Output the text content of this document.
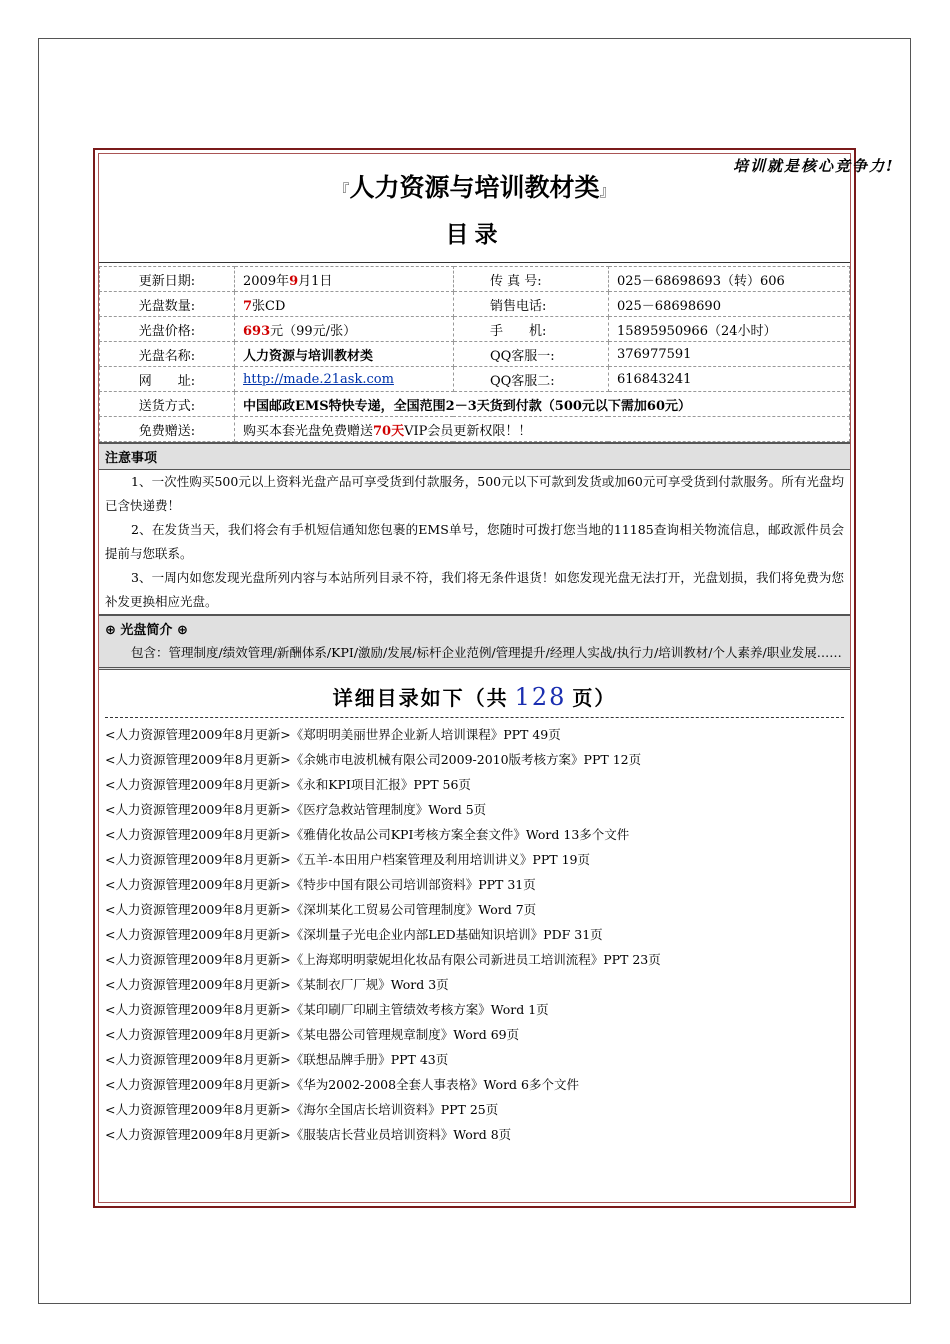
『人力资源与培训教材类』
目录
更新日期:	2009年9月1日	传 真 号:	025－68698693（转）606
光盘数量:	7张CD	销售电话:	025－68698690
光盘价格:	693元（99元/张）	手　　机:	15895950966（24小时）
光盘名称:	人力资源与培训教材类	QQ客服一:	376977591
网　　址:	http://made.21ask.com	QQ客服二:	616843241
送货方式:	中国邮政EMS特快专递，全国范围2－3天货到付款（500元以下需加60元）		
免费赠送:	购买本套光盘免费赠送70天VIP会员更新权限！！		
注意事项

1、一次性购买500元以上资料光盘产品可享受货到付款服务，500元以下可款到发货或加60元可享受货到付款服务。所有光盘均已含快递费！

2、在发货当天，我们将会有手机短信通知您包裹的EMS单号，您随时可拨打您当地的11185查询相关物流信息，邮政派件员会提前与您联系。

3、一周内如您发现光盘所列内容与本站所列目录不符，我们将无条件退货！如您发现光盘无法打开，光盘划损，我们将免费为您补发更换相应光盘。

⊕ 光盘简介 ⊕
包含：管理制度/绩效管理/新酬体系/KPI/激励/发展/标杆企业范例/管理提升/经理人实战/执行力/培训教材/个人素养/职业发展……
详细目录如下（共 128 页）
<人力资源管理2009年8月更新>《郑明明美丽世界企业新人培训课程》PPT 49页
<人力资源管理2009年8月更新>《余姚市电波机械有限公司2009-2010版考核方案》PPT 12页
<人力资源管理2009年8月更新>《永和KPI项目汇报》PPT 56页
<人力资源管理2009年8月更新>《医疗急救站管理制度》Word 5页
<人力资源管理2009年8月更新>《雅倩化妆品公司KPI考核方案全套文件》Word 13多个文件
<人力资源管理2009年8月更新>《五羊-本田用户档案管理及利用培训讲义》PPT 19页
<人力资源管理2009年8月更新>《特步中国有限公司培训部资料》PPT 31页
<人力资源管理2009年8月更新>《深圳某化工贸易公司管理制度》Word 7页
<人力资源管理2009年8月更新>《深圳量子光电企业内部LED基础知识培训》PDF 31页
<人力资源管理2009年8月更新>《上海郑明明蒙妮坦化妆品有限公司新进员工培训流程》PPT 23页
<人力资源管理2009年8月更新>《某制衣厂厂规》Word 3页
<人力资源管理2009年8月更新>《某印刷厂印刷主管绩效考核方案》Word 1页
<人力资源管理2009年8月更新>《某电器公司管理规章制度》Word 69页
<人力资源管理2009年8月更新>《联想品牌手册》PPT 43页
<人力资源管理2009年8月更新>《华为2002-2008全套人事表格》Word 6多个文件
<人力资源管理2009年8月更新>《海尔全国店长培训资料》PPT 25页
<人力资源管理2009年8月更新>《服装店长营业员培训资料》Word 8页
培训就是核心竞争力!
